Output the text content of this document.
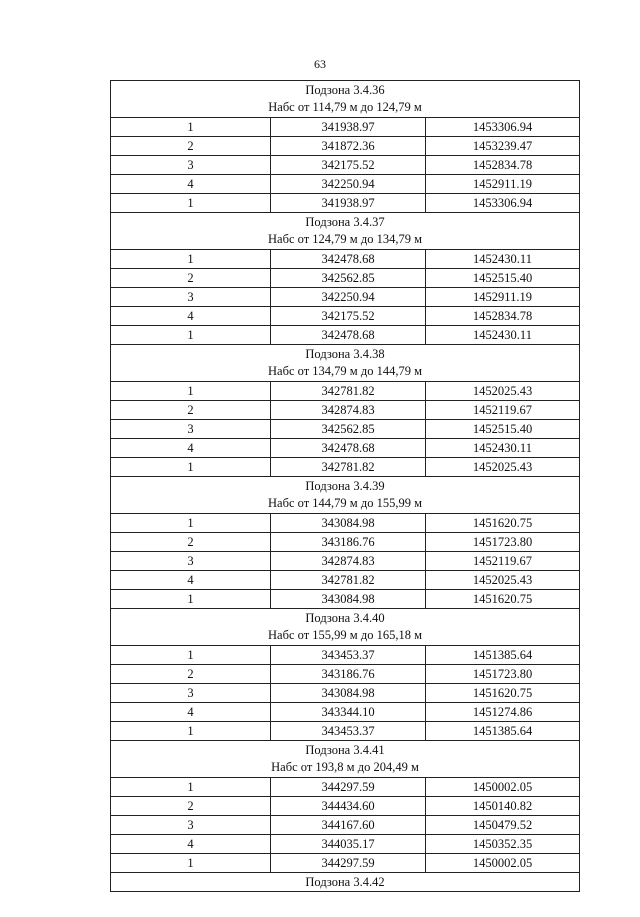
63
Подзона 3.4.36
Набс от 114,79 м до 124,79 м		

1	341938.97	1453306.94
2	341872.36	1453239.47
3	342175.52	1452834.78
4	342250.94	1452911.19
1	341938.97	1453306.94

Подзона 3.4.37
Набс от 124,79 м до 134,79 м		

1	342478.68	1452430.11
2	342562.85	1452515.40
3	342250.94	1452911.19
4	342175.52	1452834.78
1	342478.68	1452430.11

Подзона 3.4.38
Набс от 134,79 м до 144,79 м		

1	342781.82	1452025.43
2	342874.83	1452119.67
3	342562.85	1452515.40
4	342478.68	1452430.11
1	342781.82	1452025.43

Подзона 3.4.39
Набс от 144,79 м до 155,99 м		

1	343084.98	1451620.75
2	343186.76	1451723.80
3	342874.83	1452119.67
4	342781.82	1452025.43
1	343084.98	1451620.75

Подзона 3.4.40
Набс от 155,99 м до 165,18 м		

1	343453.37	1451385.64
2	343186.76	1451723.80
3	343084.98	1451620.75
4	343344.10	1451274.86
1	343453.37	1451385.64

Подзона 3.4.41
Набс от 193,8 м до 204,49 м		

1	344297.59	1450002.05
2	344434.60	1450140.82
3	344167.60	1450479.52
4	344035.17	1450352.35
1	344297.59	1450002.05

Подзона 3.4.42		
